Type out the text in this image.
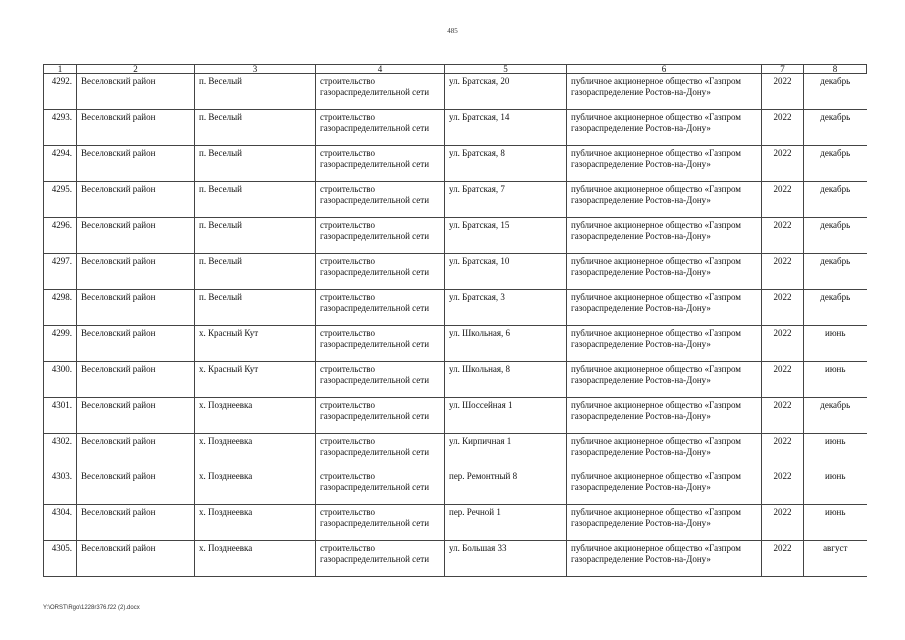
485
1	2	3	4	5	6	7	8
4292.	Веселовский район	п. Веселый	строительство газораспределительной сети	ул. Братская, 20	публичное акционерное общество «Газпром газораспределение Ростов-на-Дону»	2022	декабрь
4293.	Веселовский район	п. Веселый	строительство газораспределительной сети	ул. Братская, 14	публичное акционерное общество «Газпром газораспределение Ростов-на-Дону»	2022	декабрь
4294.	Веселовский район	п. Веселый	строительство газораспределительной сети	ул. Братская, 8	публичное акционерное общество «Газпром газораспределение Ростов-на-Дону»	2022	декабрь
4295.	Веселовский район	п. Веселый	строительство газораспределительной сети	ул. Братская, 7	публичное акционерное общество «Газпром газораспределение Ростов-на-Дону»	2022	декабрь
4296.	Веселовский район	п. Веселый	строительство газораспределительной сети	ул. Братская, 15	публичное акционерное общество «Газпром газораспределение Ростов-на-Дону»	2022	декабрь
4297.	Веселовский район	п. Веселый	строительство газораспределительной сети	ул. Братская, 10	публичное акционерное общество «Газпром газораспределение Ростов-на-Дону»	2022	декабрь
4298.	Веселовский район	п. Веселый	строительство газораспределительной сети	ул. Братская, 3	публичное акционерное общество «Газпром газораспределение Ростов-на-Дону»	2022	декабрь
4299.	Веселовский район	х. Красный Кут	строительство газораспределительной сети	ул. Школьная, 6	публичное акционерное общество «Газпром газораспределение Ростов-на-Дону»	2022	июнь
4300.	Веселовский район	х. Красный Кут	строительство газораспределительной сети	ул. Школьная, 8	публичное акционерное общество «Газпром газораспределение Ростов-на-Дону»	2022	июнь
4301.	Веселовский район	х. Позднеевка	строительство газораспределительной сети	ул. Шоссейная 1	публичное акционерное общество «Газпром газораспределение Ростов-на-Дону»	2022	декабрь
4302.	Веселовский район	х. Позднеевка	строительство газораспределительной сети	ул. Кирпичная 1	публичное акционерное общество «Газпром газораспределение Ростов-на-Дону»	2022	июнь
4303.	Веселовский район	х. Позднеевка	строительство газораспределительной сети	пер. Ремонтный 8	публичное акционерное общество «Газпром газораспределение Ростов-на-Дону»	2022	июнь
4304.	Веселовский район	х. Позднеевка	строительство газораспределительной сети	пер. Речной 1	публичное акционерное общество «Газпром газораспределение Ростов-на-Дону»	2022	июнь
4305.	Веселовский район	х. Позднеевка	строительство газораспределительной сети	ул. Большая 33	публичное акционерное общество «Газпром газораспределение Ростов-на-Дону»	2022	август
Y:\ORST\Rgo\1228r376.f22 (2).docx
